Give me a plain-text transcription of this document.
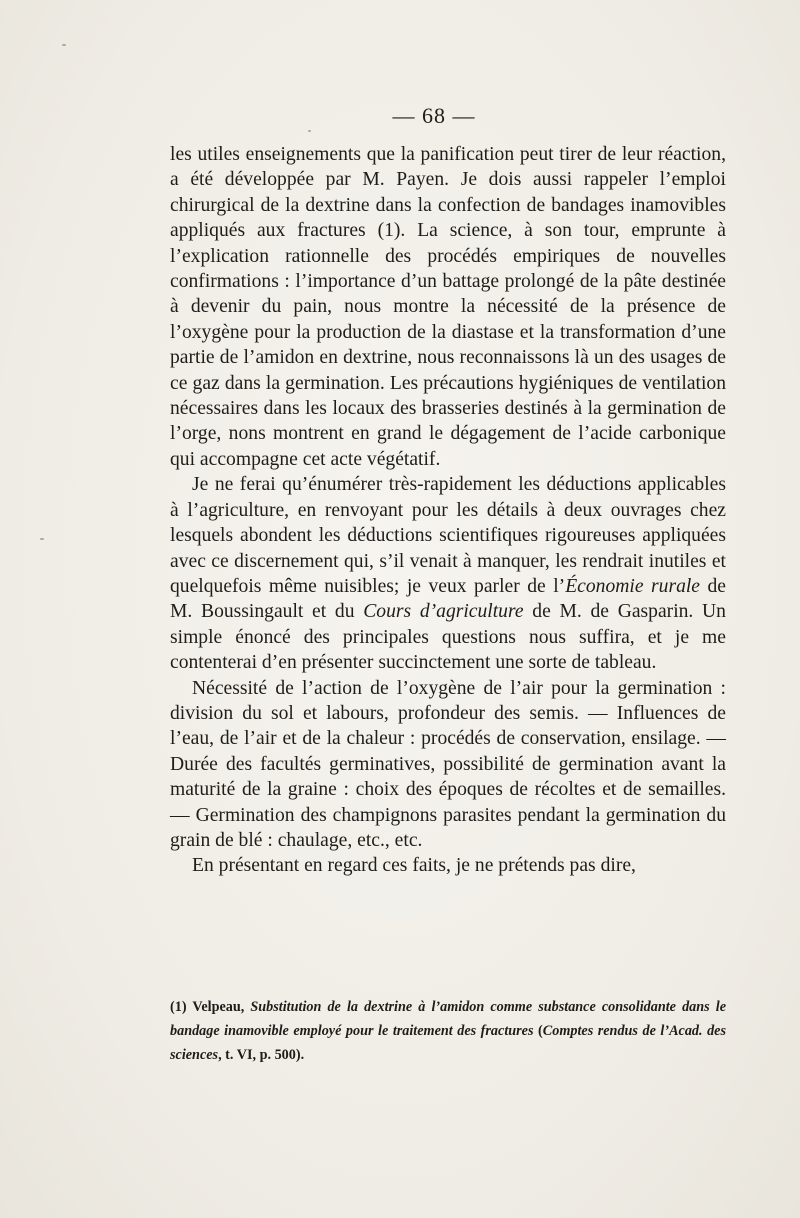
— 68 —

les utiles enseignements que la panification peut tirer de leur réaction, a été développée par M. Payen. Je dois aussi rappeler l’emploi chirurgical de la dextrine dans la confection de bandages inamovibles appliqués aux fractures (1). La science, à son tour, emprunte à l’explication rationnelle des procédés empiriques de nouvelles confirmations : l’importance d’un battage prolongé de la pâte destinée à devenir du pain, nous montre la nécessité de la présence de l’oxygène pour la production de la diastase et la transformation d’une partie de l’amidon en dextrine, nous reconnaissons là un des usages de ce gaz dans la germination. Les précautions hygiéniques de ventilation nécessaires dans les locaux des brasseries destinés à la germination de l’orge, nons montrent en grand le dégagement de l’acide carbonique qui accompagne cet acte végétatif.

Je ne ferai qu’énumérer très-rapidement les déductions applicables à l’agriculture, en renvoyant pour les détails à deux ouvrages chez lesquels abondent les déductions scientifiques rigoureuses appliquées avec ce discernement qui, s’il venait à manquer, les rendrait inutiles et quelquefois même nuisibles; je veux parler de l’Économie rurale de M. Boussingault et du Cours d’agriculture de M. de Gasparin. Un simple énoncé des principales questions nous suffira, et je me contenterai d’en présenter succinctement une sorte de tableau.

Nécessité de l’action de l’oxygène de l’air pour la germination : division du sol et labours, profondeur des semis. — Influences de l’eau, de l’air et de la chaleur : procédés de conservation, ensilage. — Durée des facultés germinatives, possibilité de germination avant la maturité de la graine : choix des époques de récoltes et de semailles. — Germination des champignons parasites pendant la germination du grain de blé : chaulage, etc., etc.

En présentant en regard ces faits, je ne prétends pas dire,

(1) Velpeau, Substitution de la dextrine à l’amidon comme substance consolidante dans le bandage inamovible employé pour le traitement des fractures (Comptes rendus de l’Acad. des sciences, t. VI, p. 500).
